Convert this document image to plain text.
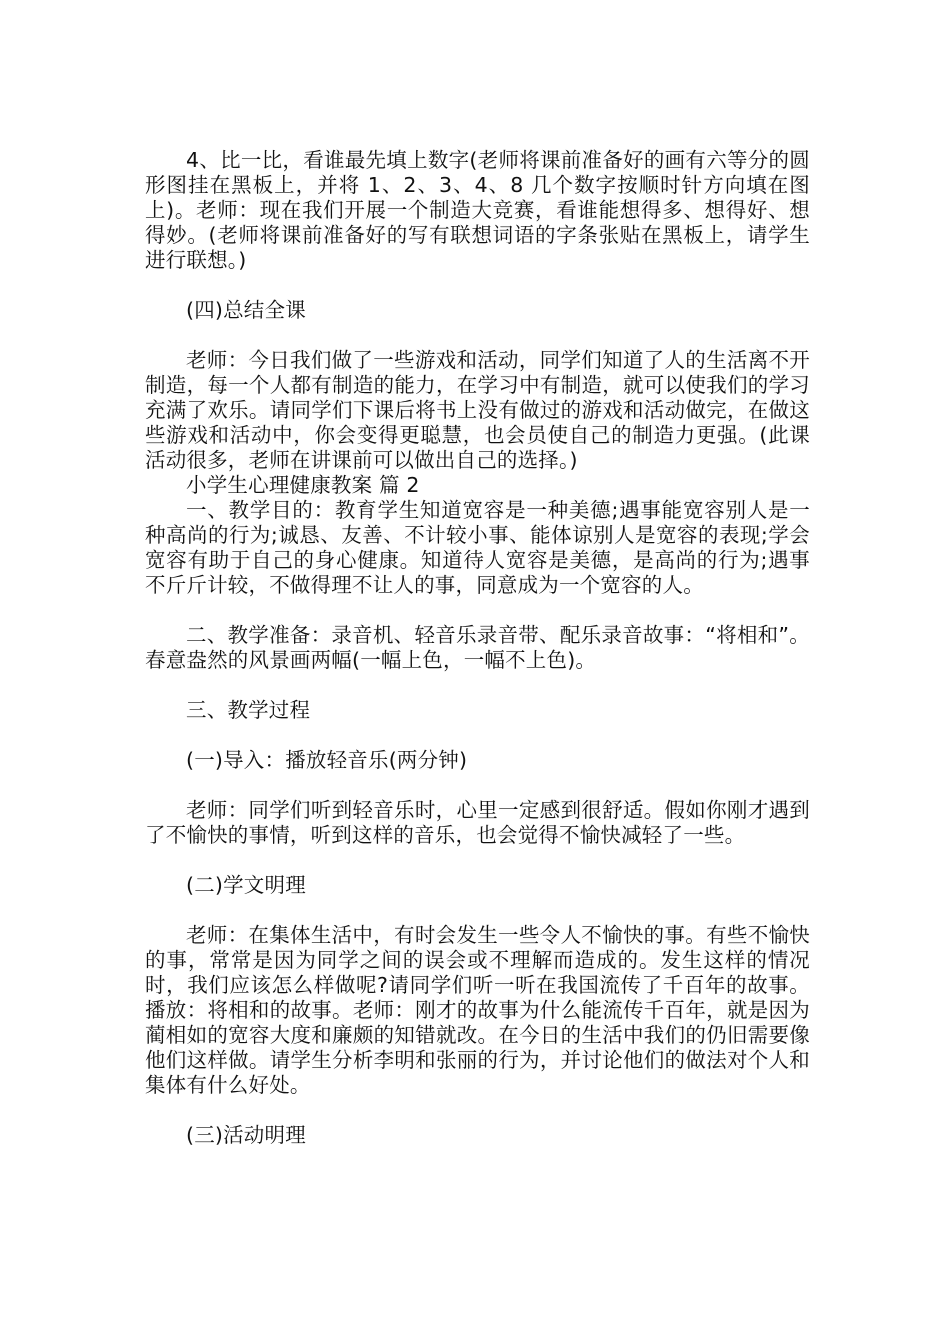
4、比一比，看谁最先填上数字(老师将课前准备好的画有六等分的圆形图挂在黑板上，并将 1、2、3、4、8 几个数字按顺时针方向填在图上)。老师：现在我们开展一个制造大竞赛，看谁能想得多、想得好、想得妙。(老师将课前准备好的写有联想词语的字条张贴在黑板上，请学生进行联想。)

(四)总结全课

老师：今日我们做了一些游戏和活动，同学们知道了人的生活离不开制造，每一个人都有制造的能力，在学习中有制造，就可以使我们的学习充满了欢乐。请同学们下课后将书上没有做过的游戏和活动做完，在做这些游戏和活动中，你会变得更聪慧，也会员使自己的制造力更强。(此课活动很多，老师在讲课前可以做出自己的选择。)

小学生心理健康教案 篇 2

一、教学目的：教育学生知道宽容是一种美德;遇事能宽容别人是一种高尚的行为;诚恳、友善、不计较小事、能体谅别人是宽容的表现;学会宽容有助于自己的身心健康。知道待人宽容是美德，是高尚的行为;遇事不斤斤计较，不做得理不让人的事，同意成为一个宽容的人。

二、教学准备：录音机、轻音乐录音带、配乐录音故事：“将相和”。春意盎然的风景画两幅(一幅上色，一幅不上色)。

三、教学过程

(一)导入：播放轻音乐(两分钟)

老师：同学们听到轻音乐时，心里一定感到很舒适。假如你刚才遇到了不愉快的事情，听到这样的音乐，也会觉得不愉快减轻了一些。

(二)学文明理

老师：在集体生活中，有时会发生一些令人不愉快的事。有些不愉快的事，常常是因为同学之间的误会或不理解而造成的。发生这样的情况时，我们应该怎么样做呢?请同学们听一听在我国流传了千百年的故事。播放：将相和的故事。老师：刚才的故事为什么能流传千百年，就是因为蔺相如的宽容大度和廉颇的知错就改。在今日的生活中我们的仍旧需要像他们这样做。请学生分析李明和张丽的行为，并讨论他们的做法对个人和集体有什么好处。

(三)活动明理
